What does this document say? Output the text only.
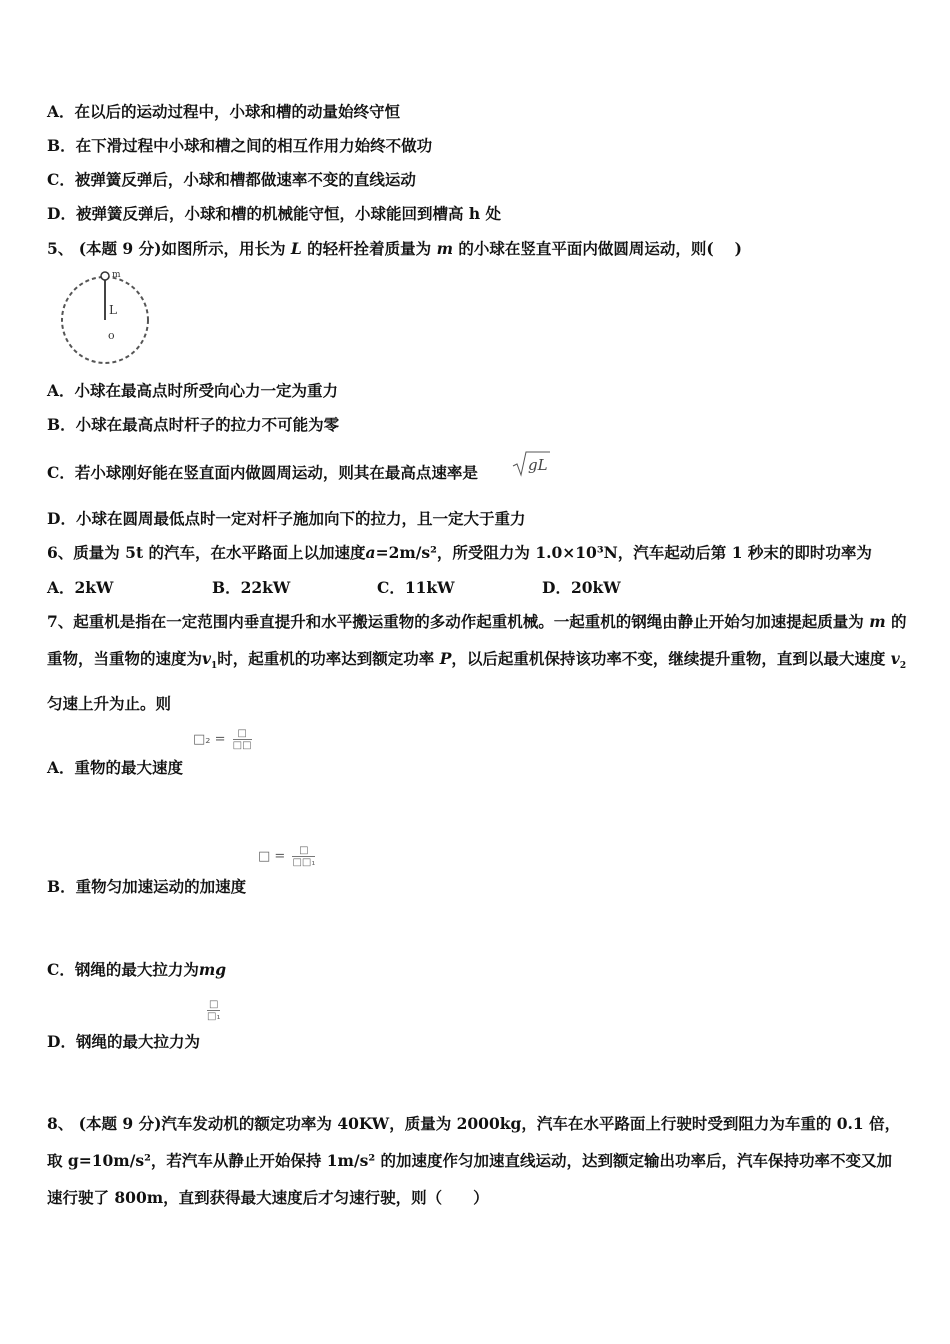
A．在以后的运动过程中，小球和槽的动量始终守恒
B．在下滑过程中小球和槽之间的相互作用力始终不做功
C．被弹簧反弹后，小球和槽都做速率不变的直线运动
D．被弹簧反弹后，小球和槽的机械能守恒，小球能回到槽高 h 处
5、 (本题 9 分)如图所示，用长为 L 的轻杆拴着质量为 m 的小球在竖直平面内做圆周运动，则(　 )
m
L
o
A．小球在最高点时所受向心力一定为重力
B．小球在最高点时杆子的拉力不可能为零
C．若小球刚好能在竖直面内做圆周运动，则其在最高点速率是	gL
D．小球在圆周最低点时一定对杆子施加向下的拉力，且一定大于重力
6、质量为 5t 的汽车，在水平路面上以加速度a=2m/s²，所受阻力为 1.0×10³N，汽车起动后第 1 秒末的即时功率为
A．2kW	B．22kW	C．11kW	D．20kW
7、起重机是指在一定范围内垂直提升和水平搬运重物的多动作起重机械。一起重机的钢绳由静止开始匀加速提起质量为 m 的重物，当重物的速度为$v_1$时，起重机的功率达到额定功率 P，以后起重机保持该功率不变，继续提升重物，直到以最大速度 $v_2$匀速上升为止。则
□₂ =	□
□□
A．重物的最大速度
□ =	□
□□₁
B．重物匀加速运动的加速度
C．钢绳的最大拉力为mg
□
□₁
D．钢绳的最大拉力为
8、 (本题 9 分)汽车发动机的额定功率为 40KW，质量为 2000kg，汽车在水平路面上行驶时受到阻力为车重的 0.1 倍，取 g=10m/s²，若汽车从静止开始保持 1m/s² 的加速度作匀加速直线运动，达到额定输出功率后，汽车保持功率不变又加速行驶了 800m，直到获得最大速度后才匀速行驶，则（　　）
